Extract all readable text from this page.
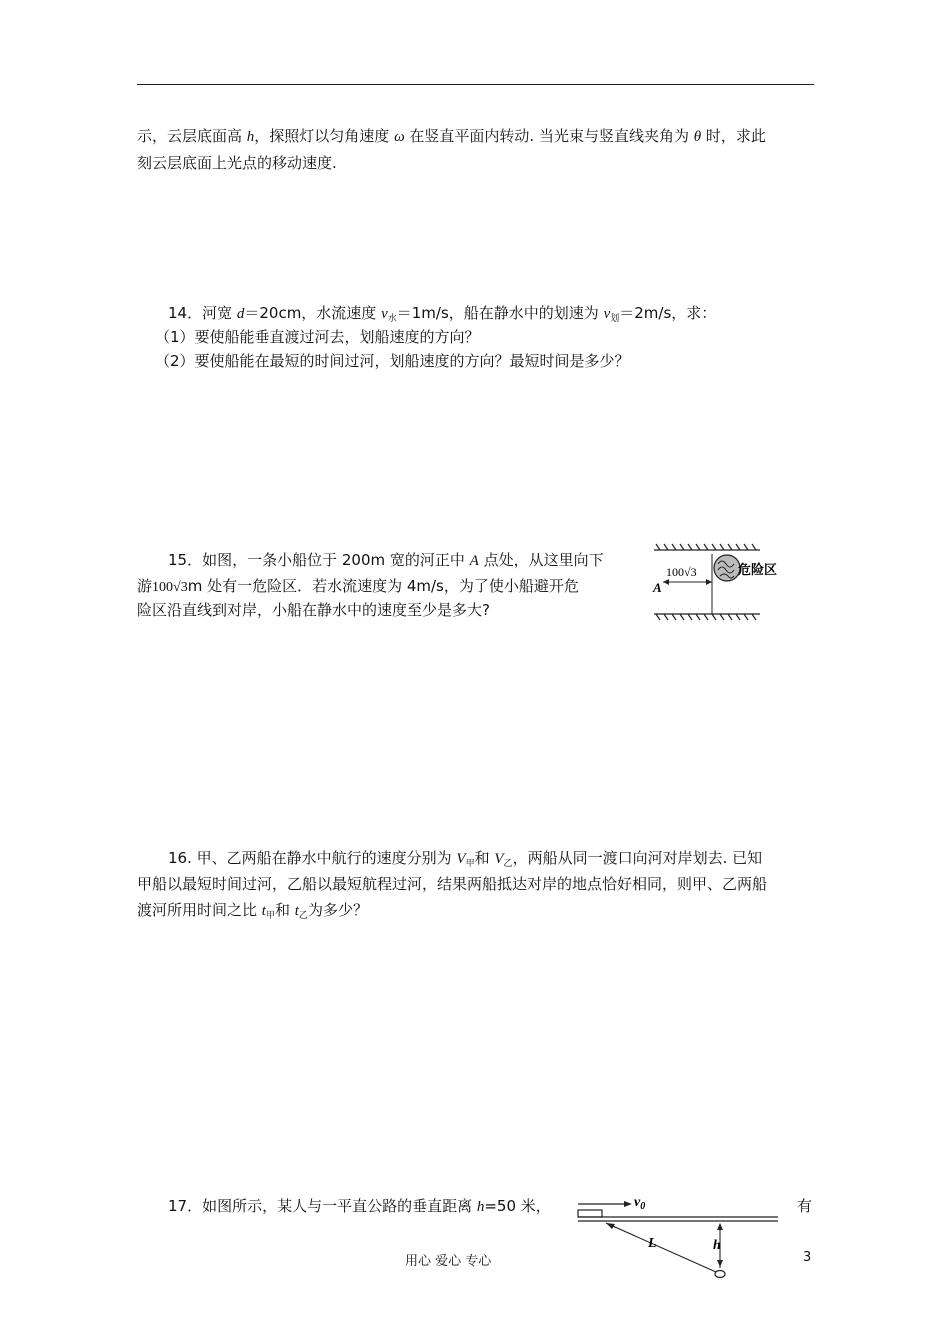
示，云层底面高 h，探照灯以匀角速度 ω 在竖直平面内转动. 当光束与竖直线夹角为 θ 时，求此
刻云层底面上光点的移动速度.
14．河宽 d＝20cm，水流速度 $v_水=1m/s$，船在静水中的划速为 $v_划=2m/s$，求：
（1）要使船能垂直渡过河去，划船速度的方向？
（2）要使船能在最短的时间过河，划船速度的方向？最短时间是多少？
15．如图，一条小船位于 200m 宽的河正中 A 点处，从这里向下
游100√3m 处有一危险区．若水流速度为 4m/s，为了使小船避开危
险区沿直线到对岸，小船在静水中的速度至少是多大?
A
100√3	危险区
16. 甲、乙两船在静水中航行的速度分别为 $V_甲$和 $V_乙$，两船从同一渡口向河对岸划去. 已知
甲船以最短时间过河，乙船以最短航程过河，结果两船抵达对岸的地点恰好相同，则甲、乙两船
渡河所用时间之比 $t_甲$和 $t_乙$为多少？
17．如图所示，某人与一平直公路的垂直距离 h=50 米，	有
$v_0$
L	h
用心 爱心 专心	3
